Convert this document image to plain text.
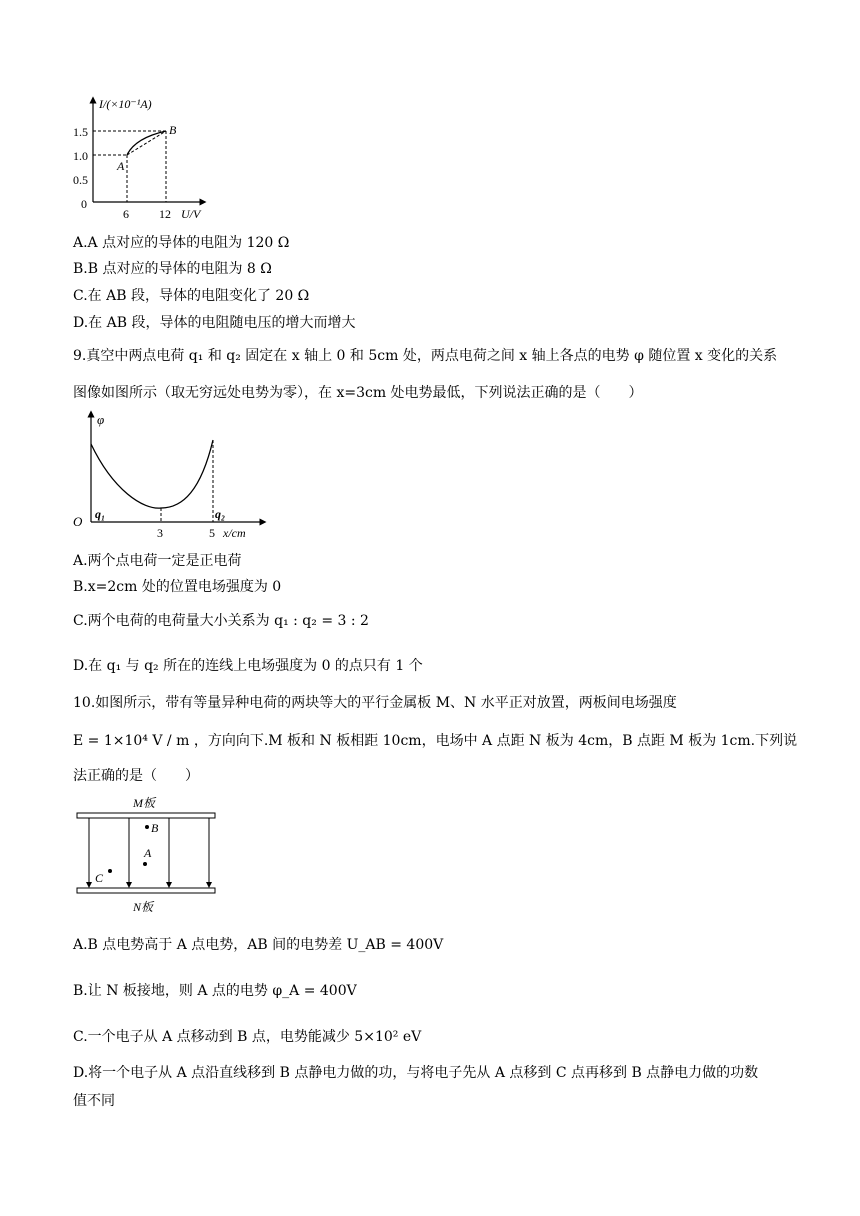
I/(×10⁻¹A)
1.5
1.0
0.5
0
A
B
6	12 U/V
A.A 点对应的导体的电阻为 120 Ω
B.B 点对应的导体的电阻为 8 Ω
C.在 AB 段，导体的电阻变化了 20 Ω
D.在 AB 段，导体的电阻随电压的增大而增大
9.真空中两点电荷 q₁ 和 q₂ 固定在 x 轴上 0 和 5cm 处，两点电荷之间 x 轴上各点的电势 φ 随位置 x 变化的关系
图像如图所示（取无穷远处电势为零），在 x=3cm 处电势最低，下列说法正确的是（　　）
φ
O q₁	q₂
3	5 x/cm
A.两个点电荷一定是正电荷
B.x=2cm 处的位置电场强度为 0
C.两个电荷的电荷量大小关系为 q₁ : q₂ = 3 : 2
D.在 q₁ 与 q₂ 所在的连线上电场强度为 0 的点只有 1 个
10.如图所示，带有等量异种电荷的两块等大的平行金属板 M、N 水平正对放置，两板间电场强度
E = 1×10⁴ V / m ，方向向下.M 板和 N 板相距 10cm，电场中 A 点距 N 板为 4cm，B 点距 M 板为 1cm.下列说
法正确的是（　　）
M板
N板
B
A
C
A.B 点电势高于 A 点电势，AB 间的电势差 U_AB = 400V
B.让 N 板接地，则 A 点的电势 φ_A = 400V
C.一个电子从 A 点移动到 B 点，电势能减少 5×10² eV
D.将一个电子从 A 点沿直线移到 B 点静电力做的功，与将电子先从 A 点移到 C 点再移到 B 点静电力做的功数
值不同
